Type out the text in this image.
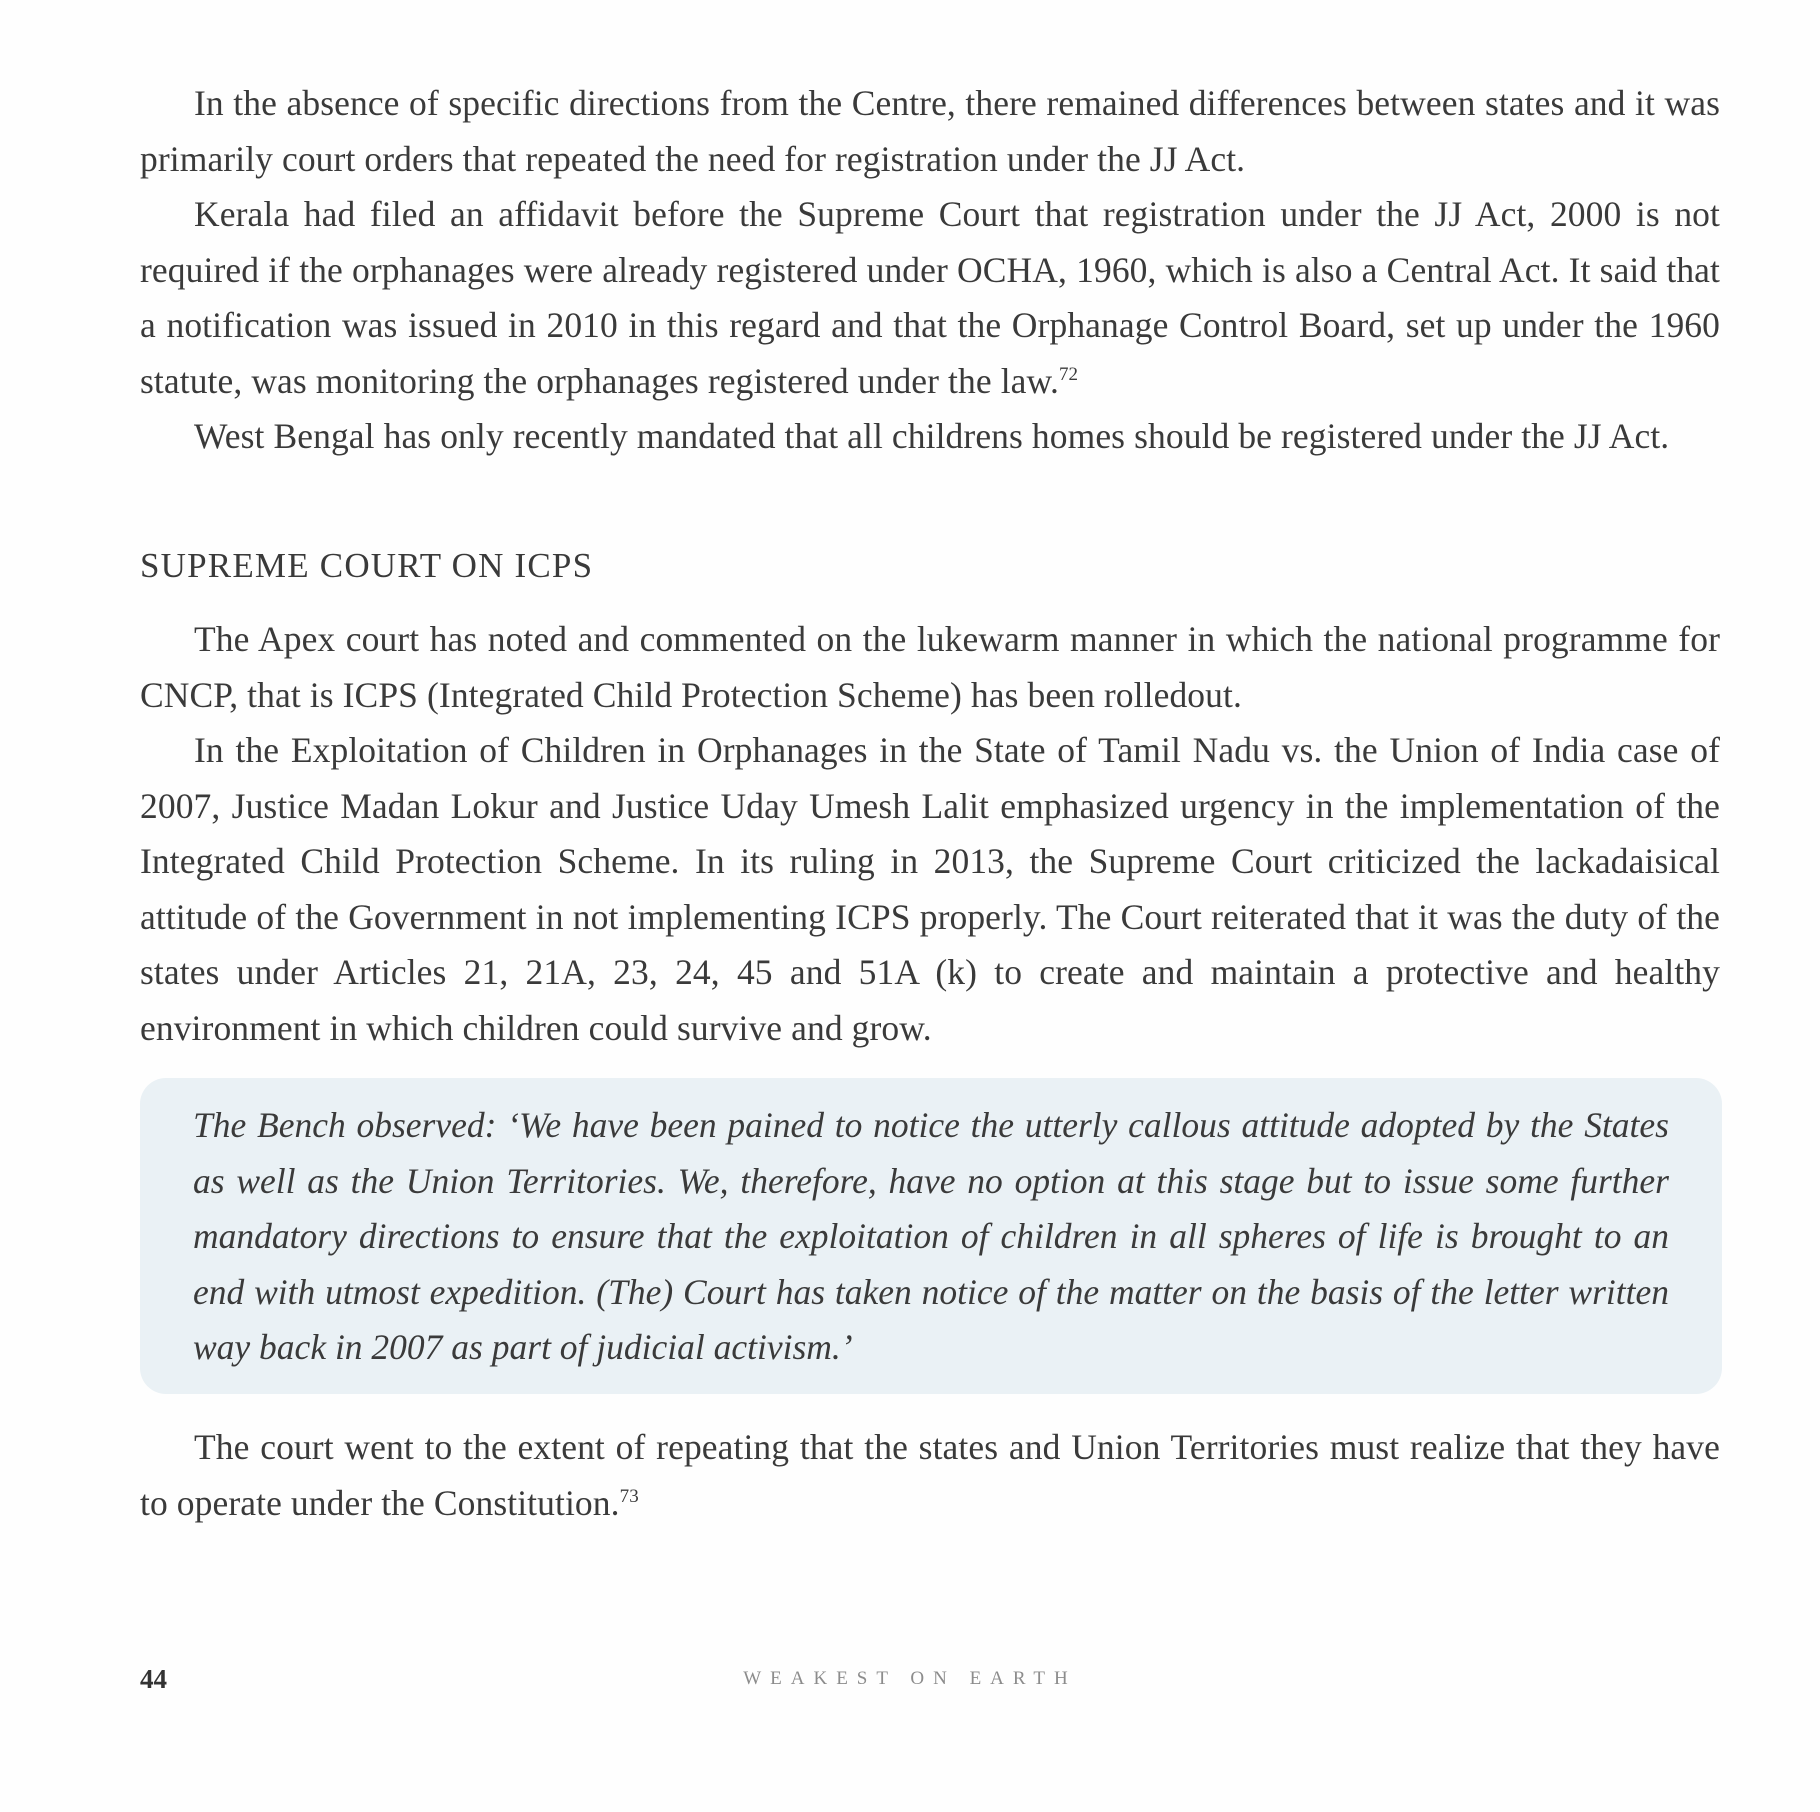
In the absence of specific directions from the Centre, there remained differences between states and it was primarily court orders that repeated the need for registration under the JJ Act.

Kerala had filed an affidavit before the Supreme Court that registration under the JJ Act, 2000 is not required if the orphanages were already registered under OCHA, 1960, which is also a Central Act. It said that a notification was issued in 2010 in this regard and that the Orphanage Control Board, set up under the 1960 statute, was monitoring the orphanages registered under the law.$^{72}$

West Bengal has only recently mandated that all childrens homes should be registered under the JJ Act.

SUPREME COURT ON ICPS

The Apex court has noted and commented on the lukewarm manner in which the national programme for CNCP, that is ICPS (Integrated Child Protection Scheme) has been rolledout.

In the Exploitation of Children in Orphanages in the State of Tamil Nadu vs. the Union of India case of 2007, Justice Madan Lokur and Justice Uday Umesh Lalit emphasized urgency in the implementation of the Integrated Child Protection Scheme. In its ruling in 2013, the Supreme Court criticized the lackadaisical attitude of the Government in not implementing ICPS properly. The Court reiterated that it was the duty of the states under Articles 21, 21A, 23, 24, 45 and 51A (k) to create and maintain a protective and healthy environment in which children could survive and grow.

The Bench observed: ‘We have been pained to notice the utterly callous attitude adopted by the States as well as the Union Territories. We, therefore, have no option at this stage but to issue some further mandatory directions to ensure that the exploitation of children in all spheres of life is brought to an end with utmost expedition. (The) Court has taken notice of the matter on the basis of the letter written way back in 2007 as part of judicial activism.’

The court went to the extent of repeating that the states and Union Territories must realize that they have to operate under the Constitution.$^{73}$

44	WEAKEST ON EARTH
